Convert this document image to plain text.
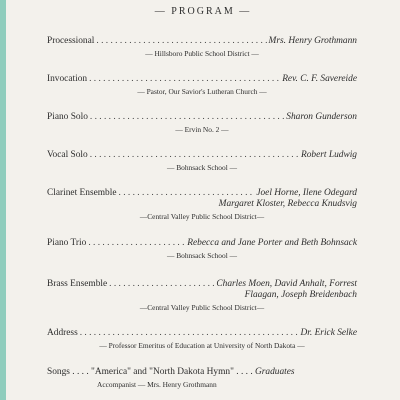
— PROGRAM —
Processional . . .	Mrs. Henry Grothmann
— Hillsboro Public School District —
Invocation . . .	Rev. C. F. Savereide
— Pastor, Our Savior's Lutheran Church —
Piano Solo . . .	Sharon Gunderson
— Ervin No. 2 —
Vocal Solo . . .	Robert Ludwig
— Bohnsack School —
Clarinet Ensemble . . .	Joel Horne, Ilene Odegard
Margaret Kloster, Rebecca Knudsvig
—Central Valley Public School District—
Piano Trio . . .	Rebecca and Jane Porter and Beth Bohnsack
— Bohnsack School —
Brass Ensemble . . .	Charles Moen, David Anhalt, Forrest
Flaagan, Joseph Breidenbach
—Central Valley Public School District—
Address . . .	Dr. Erick Selke
— Professor Emeritus of Education at University of North Dakota —
Songs . . . . "America" and "North Dakota Hymn" . . . . Graduates
Accompanist — Mrs. Henry Grothmann
